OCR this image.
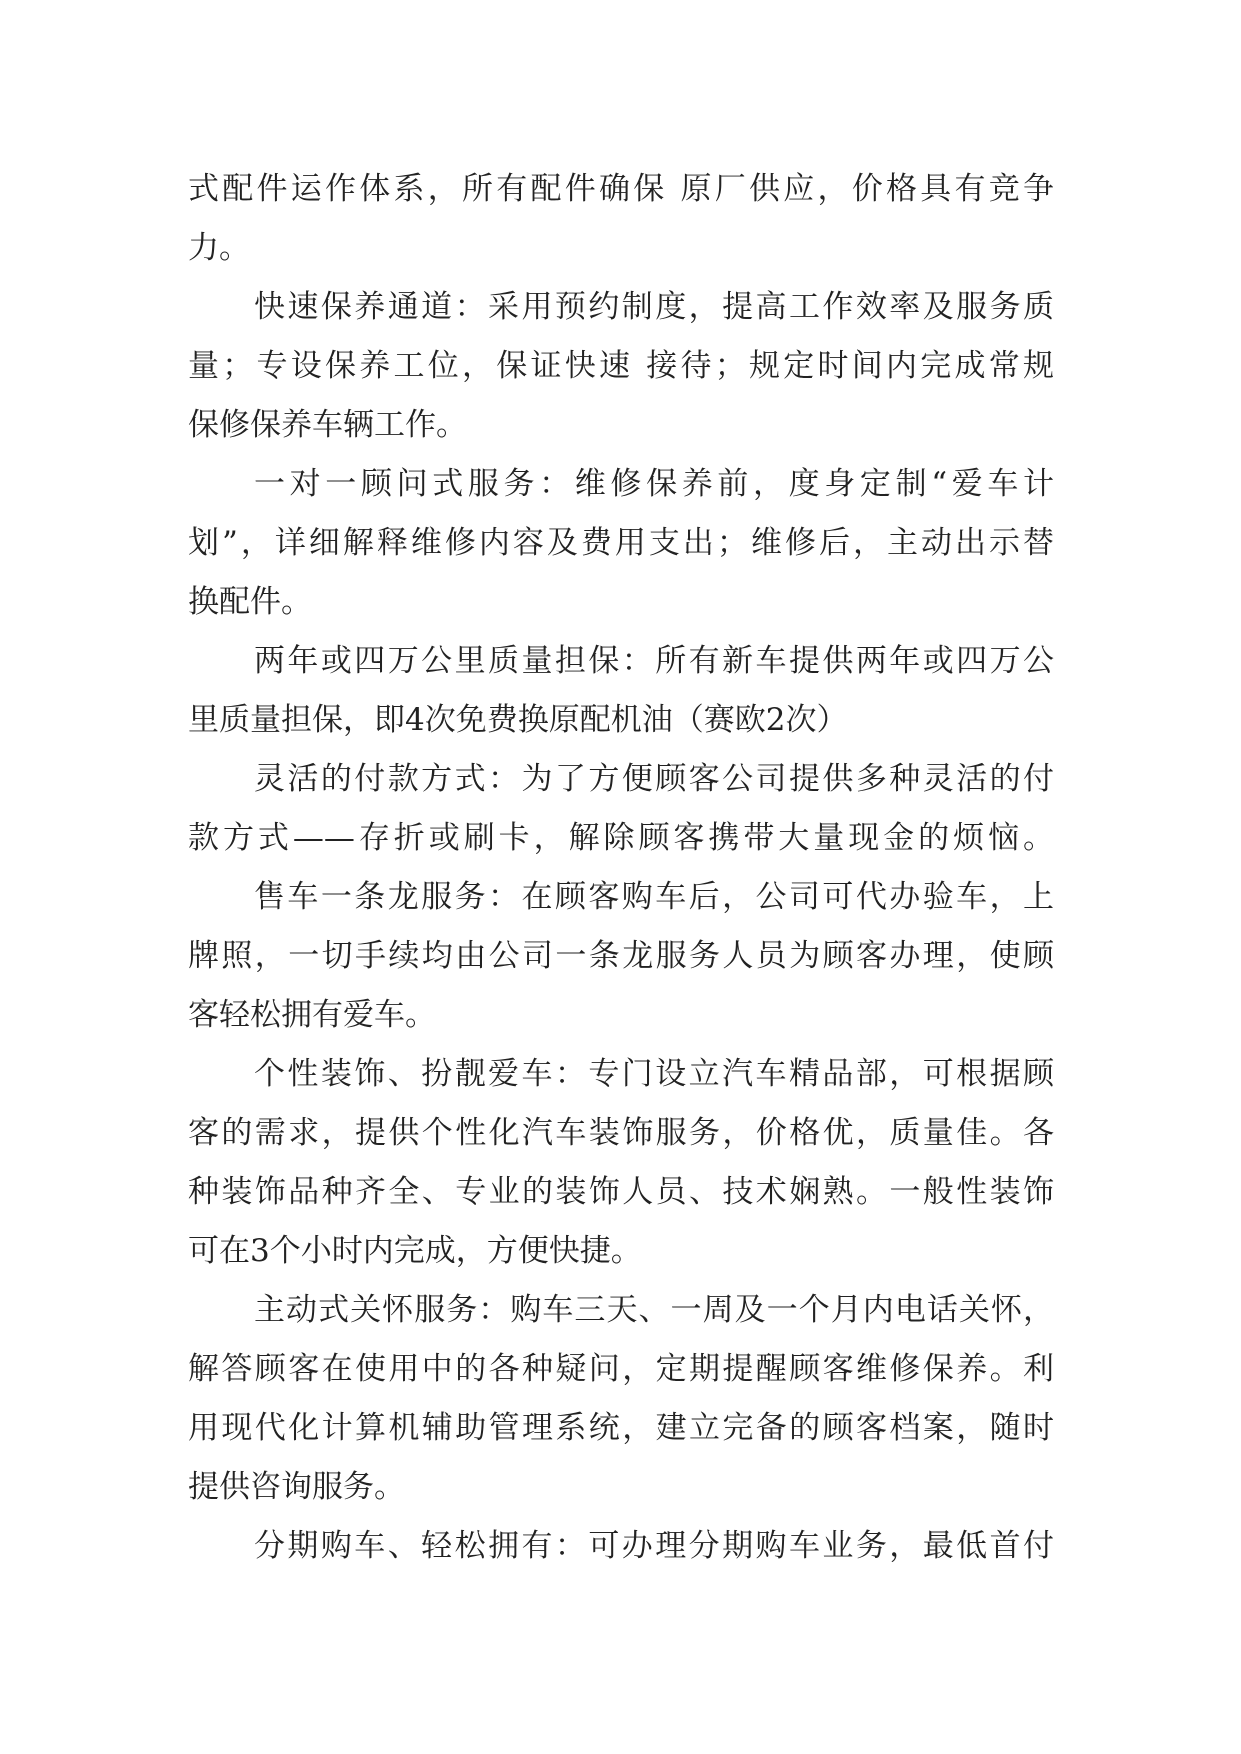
式配件运作体系，所有配件确保 原厂供应，价格具有竞争
力。
快速保养通道：采用预约制度，提高工作效率及服务质
量；专设保养工位，保证快速 接待；规定时间内完成常规
保修保养车辆工作。
一对一顾问式服务：维修保养前，度身定制“爱车计
划”，详细解释维修内容及费用支出；维修后，主动出示替
换配件。
两年或四万公里质量担保：所有新车提供两年或四万公
里质量担保，即4次免费换原配机油（赛欧2次）
灵活的付款方式：为了方便顾客公司提供多种灵活的付
款方式——存折或刷卡，解除顾客携带大量现金的烦恼。
售车一条龙服务：在顾客购车后，公司可代办验车，上
牌照，一切手续均由公司一条龙服务人员为顾客办理，使顾
客轻松拥有爱车。
个性装饰、扮靓爱车：专门设立汽车精品部，可根据顾
客的需求，提供个性化汽车装饰服务，价格优，质量佳。各
种装饰品种齐全、专业的装饰人员、技术娴熟。一般性装饰
可在3个小时内完成，方便快捷。
主动式关怀服务：购车三天、一周及一个月内电话关怀，
解答顾客在使用中的各种疑问，定期提醒顾客维修保养。利
用现代化计算机辅助管理系统，建立完备的顾客档案，随时
提供咨询服务。
分期购车、轻松拥有：可办理分期购车业务，最低首付
